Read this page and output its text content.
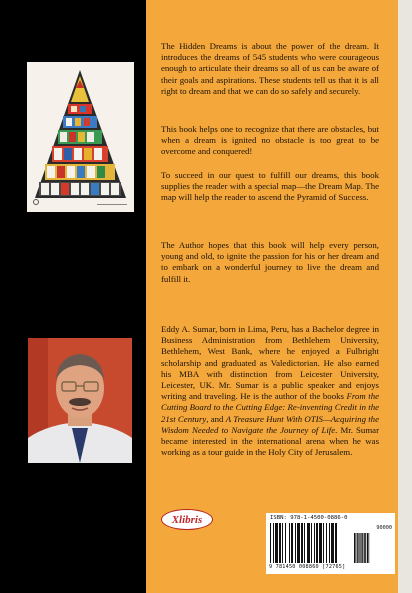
The Hidden Dreams is about the power of the dream. It introduces the dreams of 545 students who were courageous enough to articulate their dreams so all of us can be aware of their goals and aspirations. These students tell us that it is all right to dream and that we can do so safely and securely.

This book helps one to recognize that there are obstacles, but when a dream is ignited no obstacle is too great to be overcome and conquered!

To succeed in our quest to fulfill our dreams, this book supplies the reader with a special map—the Dream Map. The map will help the reader to ascend the Pyramid of Success.

The Author hopes that this book will help every person, young and old, to ignite the passion for his or her dream and to embark on a wonderful journey to live the dream and fulfill it.

Eddy A. Sumar, born in Lima, Peru, has a Bachelor degree in Business Administration from Bethlehem University, Bethlehem, West Bank, where he enjoyed a Fulbright scholarship and graduated as Valedictorian. He also earned his MBA with distinction from Leicester University, Leicester, UK. Mr. Sumar is a public speaker and enjoys writing and traveling. He is the author of the books From the Cutting Board to the Cutting Edge: Re-inventing Credit in the 21st Century, and A Treasure Hunt With OTIS—Acquiring the Wisdom Needed to Navigate the Journey of Life. Mr. Sumar became interested in the international arena when he was working as a tour guide in the Holy City of Jerusalem.

Xlibris	ISBN: 978-1-4500-0886-0
90000
9 781450 008860 [72765]
